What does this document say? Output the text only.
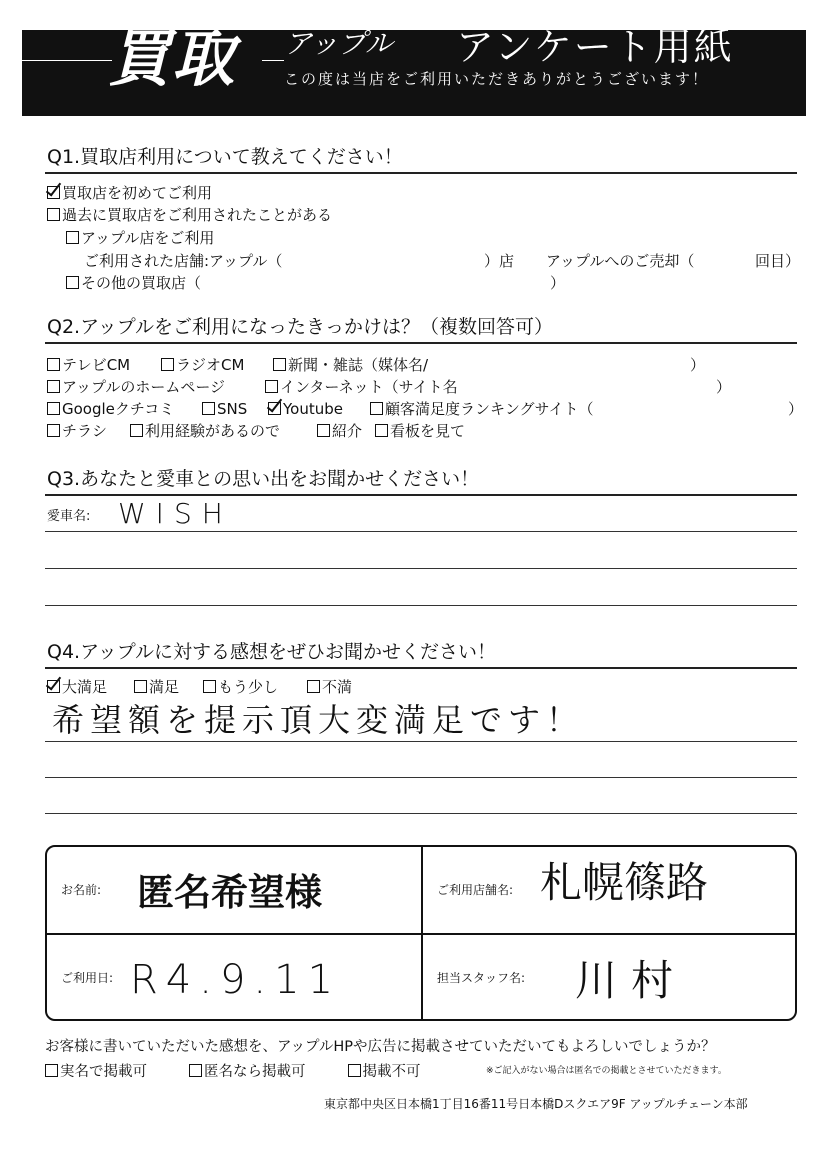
買取 アップル アンケート用紙
この度は当店をご利用いただきありがとうございます！
Q1.買取店利用について教えてください！
買取店を初めてご利用
過去に買取店をご利用されたことがある
アップル店をご利用
ご利用された店舗:アップル（	）店 アップルへのご売却（	回目）
その他の買取店（	）
Q2.アップルをご利用になったきっかけは？（複数回答可）
テレビCM	ラジオCM	新聞・雑誌（媒体名/	）
アップルのホームページ	インターネット（サイト名	）
Googleクチコミ	SNS	Youtube	顧客満足度ランキングサイト（	）
チラシ	利用経験があるので	紹介	看板を見て
Q3.あなたと愛車との思い出をお聞かせください！
愛車名: WISH
Q4.アップルに対する感想をぜひお聞かせください！
大満足	満足	もう少し	不満
希望額を提示頂大変満足です！
お名前: 匿名希望様	ご利用店舗名: 札幌篠路
ご利用日: R4.9.11	担当スタッフ名: 川村
お客様に書いていただいた感想を、アップルHPや広告に掲載させていただいてもよろしいでしょうか？
実名で掲載可	匿名なら掲載可	掲載不可	※ご記入がない場合は匿名での掲載とさせていただきます。
東京都中央区日本橋1丁目16番11号日本橋Dスクエア9F アップルチェーン本部
